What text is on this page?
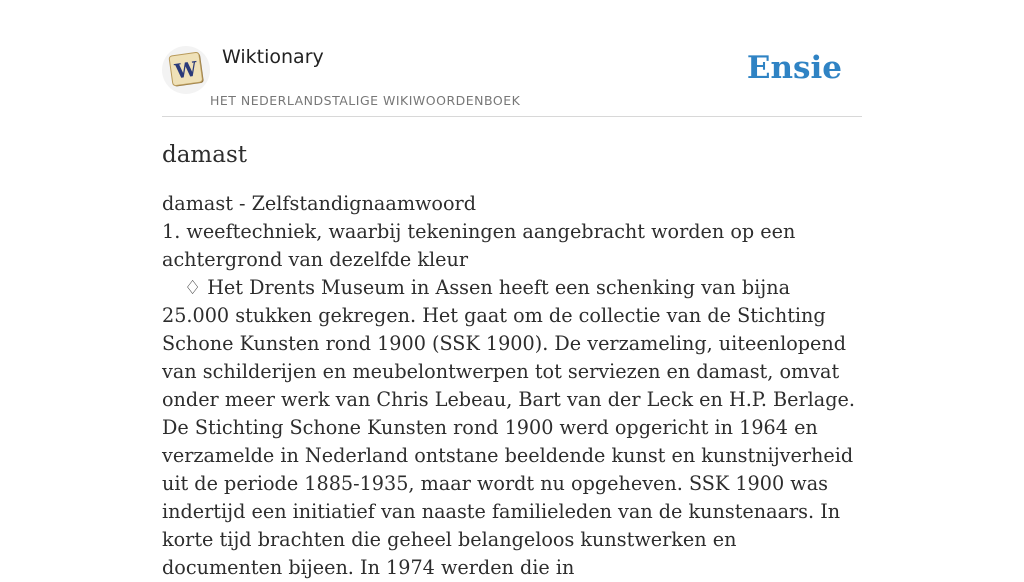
W Wiktionary
HET NEDERLANDSTALIGE WIKIWOORDENBOEK
Ensie
damast
damast - Zelfstandignaamwoord
1. weeftechniek, waarbij tekeningen aangebracht worden op een achtergrond van dezelfde kleur
♢ Het Drents Museum in Assen heeft een schenking van bijna 25.000 stukken gekregen. Het gaat om de collectie van de Stichting Schone Kunsten rond 1900 (SSK 1900). De verzameling, uiteenlopend van schilderijen en meubelontwerpen tot serviezen en damast, omvat onder meer werk van Chris Lebeau, Bart van der Leck en H.P. Berlage. De Stichting Schone Kunsten rond 1900 werd opgericht in 1964 en verzamelde in Nederland ontstane beeldende kunst en kunstnijverheid uit de periode 1885-1935, maar wordt nu opgeheven. SSK 1900 was indertijd een initiatief van naaste familieleden van de kunstenaars. In korte tijd brachten die geheel belangeloos kunstwerken en documenten bijeen. In 1974 werden die in
